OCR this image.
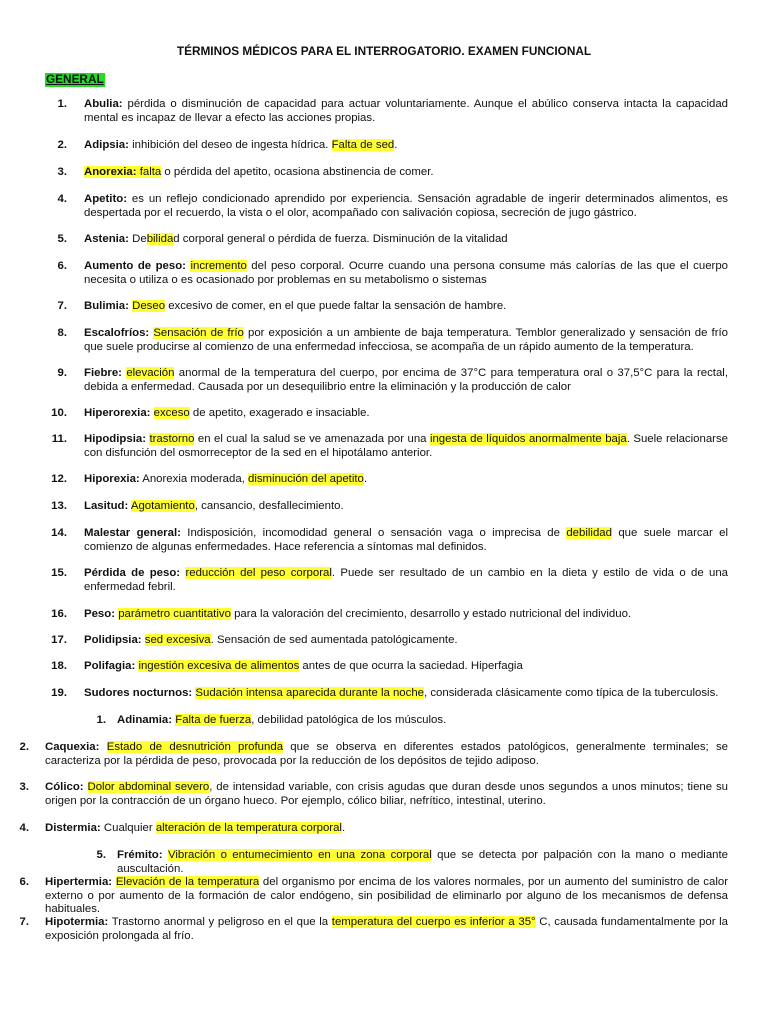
TÉRMINOS MÉDICOS PARA EL INTERROGATORIO. EXAMEN FUNCIONAL
GENERAL
1. Abulia: pérdida o disminución de capacidad para actuar voluntariamente. Aunque el abúlico conserva intacta la capacidad mental es incapaz de llevar a efecto las acciones propias.
2. Adipsia: inhibición del deseo de ingesta hídrica. Falta de sed.
3. Anorexia: falta o pérdida del apetito, ocasiona abstinencia de comer.
4. Apetito: es un reflejo condicionado aprendido por experiencia. Sensación agradable de ingerir determinados alimentos, es despertada por el recuerdo, la vista o el olor, acompañado con salivación copiosa, secreción de jugo gástrico.
5. Astenia: Debilidad corporal general o pérdida de fuerza. Disminución de la vitalidad
6. Aumento de peso: incremento del peso corporal. Ocurre cuando una persona consume más calorías de las que el cuerpo necesita o utiliza o es ocasionado por problemas en su metabolismo o sistemas
7. Bulimia: Deseo excesivo de comer, en el que puede faltar la sensación de hambre.
8. Escalofríos: Sensación de frío por exposición a un ambiente de baja temperatura. Temblor generalizado y sensación de frío que suele producirse al comienzo de una enfermedad infecciosa, se acompaña de un rápido aumento de la temperatura.
9. Fiebre: elevación anormal de la temperatura del cuerpo, por encima de 37°C para temperatura oral o 37,5°C para la rectal, debida a enfermedad. Causada por un desequilibrio entre la eliminación y la producción de calor
10. Hiperorexia: exceso de apetito, exagerado e insaciable.
11. Hipodipsia: trastorno en el cual la salud se ve amenazada por una ingesta de líquidos anormalmente baja. Suele relacionarse con disfunción del osmorreceptor de la sed en el hipotálamo anterior.
12. Hiporexia: Anorexia moderada, disminución del apetito.
13. Lasitud: Agotamiento, cansancio, desfallecimiento.
14. Malestar general: Indisposición, incomodidad general o sensación vaga o imprecisa de debilidad que suele marcar el comienzo de algunas enfermedades. Hace referencia a síntomas mal definidos.
15. Pérdida de peso: reducción del peso corporal. Puede ser resultado de un cambio en la dieta y estilo de vida o de una enfermedad febril.
16. Peso: parámetro cuantitativo para la valoración del crecimiento, desarrollo y estado nutricional del individuo.
17. Polidipsia: sed excesiva. Sensación de sed aumentada patológicamente.
18. Polifagia: ingestión excesiva de alimentos antes de que ocurra la saciedad. Hiperfagia
19. Sudores nocturnos: Sudación intensa aparecida durante la noche, considerada clásicamente como típica de la tuberculosis.
1. Adinamia: Falta de fuerza, debilidad patológica de los músculos.
2. Caquexia: Estado de desnutrición profunda que se observa en diferentes estados patológicos, generalmente terminales; se caracteriza por la pérdida de peso, provocada por la reducción de los depósitos de tejido adiposo.
3. Cólico: Dolor abdominal severo, de intensidad variable, con crisis agudas que duran desde unos segundos a unos minutos; tiene su origen por la contracción de un órgano hueco. Por ejemplo, cólico biliar, nefrítico, intestinal, uterino.
4. Distermia: Cualquier alteración de la temperatura corporal.
5. Frémito: Vibración o entumecimiento en una zona corporal que se detecta por palpación con la mano o mediante auscultación.
6. Hipertermia: Elevación de la temperatura del organismo por encima de los valores normales, por un aumento del suministro de calor externo o por aumento de la formación de calor endógeno, sin posibilidad de eliminarlo por alguno de los mecanismos de defensa habituales.
7. Hipotermia: Trastorno anormal y peligroso en el que la temperatura del cuerpo es inferior a 35° C, causada fundamentalmente por la exposición prolongada al frío.
